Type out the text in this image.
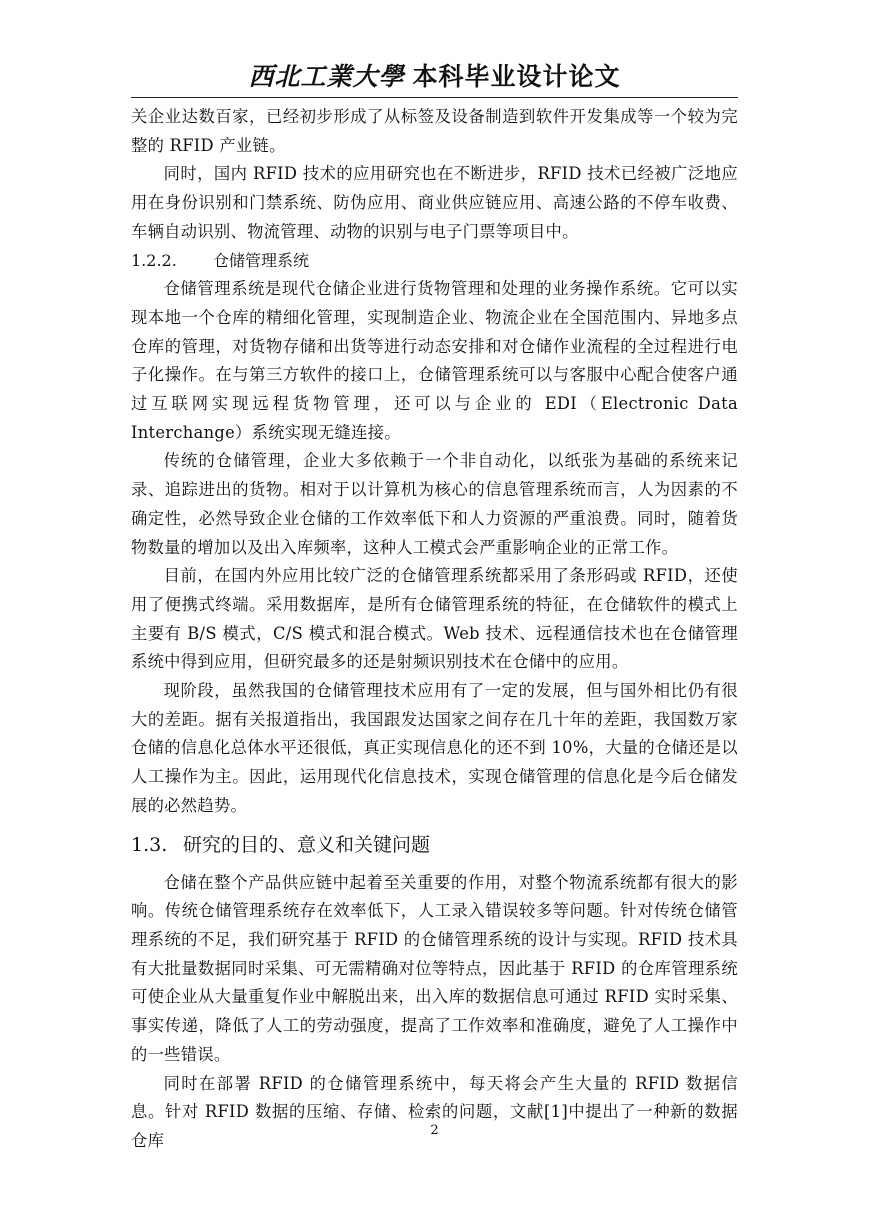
西北工業大學 本科毕业设计论文

关企业达数百家，已经初步形成了从标签及设备制造到软件开发集成等一个较为完整的 RFID 产业链。

同时，国内 RFID 技术的应用研究也在不断进步，RFID 技术已经被广泛地应用在身份识别和门禁系统、防伪应用、商业供应链应用、高速公路的不停车收费、车辆自动识别、物流管理、动物的识别与电子门票等项目中。

1.2.2. 仓储管理系统

仓储管理系统是现代仓储企业进行货物管理和处理的业务操作系统。它可以实现本地一个仓库的精细化管理，实现制造企业、物流企业在全国范围内、异地多点仓库的管理，对货物存储和出货等进行动态安排和对仓储作业流程的全过程进行电子化操作。在与第三方软件的接口上，仓储管理系统可以与客服中心配合使客户通过互联网实现远程货物管理，还可以与企业的 EDI（Electronic Data Interchange）系统实现无缝连接。

传统的仓储管理，企业大多依赖于一个非自动化，以纸张为基础的系统来记录、追踪进出的货物。相对于以计算机为核心的信息管理系统而言，人为因素的不确定性，必然导致企业仓储的工作效率低下和人力资源的严重浪费。同时，随着货物数量的增加以及出入库频率，这种人工模式会严重影响企业的正常工作。

目前，在国内外应用比较广泛的仓储管理系统都采用了条形码或 RFID，还使用了便携式终端。采用数据库，是所有仓储管理系统的特征，在仓储软件的模式上主要有 B/S 模式，C/S 模式和混合模式。Web 技术、远程通信技术也在仓储管理系统中得到应用，但研究最多的还是射频识别技术在仓储中的应用。

现阶段，虽然我国的仓储管理技术应用有了一定的发展，但与国外相比仍有很大的差距。据有关报道指出，我国跟发达国家之间存在几十年的差距，我国数万家仓储的信息化总体水平还很低，真正实现信息化的还不到 10%，大量的仓储还是以人工操作为主。因此，运用现代化信息技术，实现仓储管理的信息化是今后仓储发展的必然趋势。

1.3. 研究的目的、意义和关键问题

仓储在整个产品供应链中起着至关重要的作用，对整个物流系统都有很大的影响。传统仓储管理系统存在效率低下，人工录入错误较多等问题。针对传统仓储管理系统的不足，我们研究基于 RFID 的仓储管理系统的设计与实现。RFID 技术具有大批量数据同时采集、可无需精确对位等特点，因此基于 RFID 的仓库管理系统可使企业从大量重复作业中解脱出来，出入库的数据信息可通过 RFID 实时采集、事实传递，降低了人工的劳动强度，提高了工作效率和准确度，避免了人工操作中的一些错误。

同时在部署 RFID 的仓储管理系统中，每天将会产生大量的 RFID 数据信息。针对 RFID 数据的压缩、存储、检索的问题，文献[1]中提出了一种新的数据仓库

2
